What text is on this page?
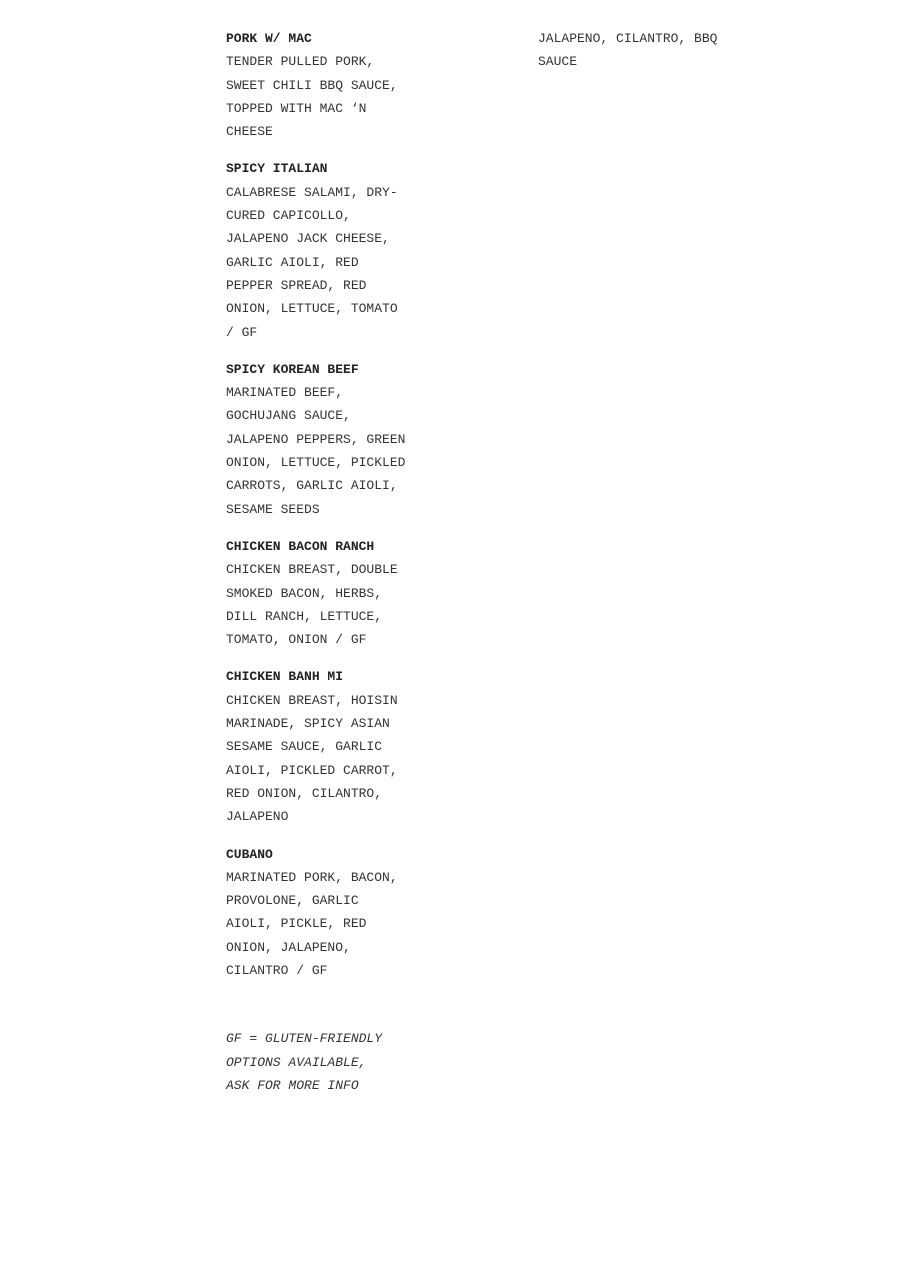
PORK W/ MAC
TENDER PULLED PORK,
SWEET CHILI BBQ SAUCE,
TOPPED WITH MAC ‘N
CHEESE
SPICY ITALIAN
CALABRESE SALAMI, DRY-
CURED CAPICOLLO,
JALAPENO JACK CHEESE,
GARLIC AIOLI, RED
PEPPER SPREAD, RED
ONION, LETTUCE, TOMATO
/ GF
SPICY KOREAN BEEF
MARINATED BEEF,
GOCHUJANG SAUCE,
JALAPENO PEPPERS, GREEN
ONION, LETTUCE, PICKLED
CARROTS, GARLIC AIOLI,
SESAME SEEDS
CHICKEN BACON RANCH
CHICKEN BREAST, DOUBLE
SMOKED BACON, HERBS,
DILL RANCH, LETTUCE,
TOMATO, ONION / GF
CHICKEN BANH MI
CHICKEN BREAST, HOISIN
MARINADE, SPICY ASIAN
SESAME SAUCE, GARLIC
AIOLI, PICKLED CARROT,
RED ONION, CILANTRO,
JALAPENO
CUBANO
MARINATED PORK, BACON,
PROVOLONE, GARLIC
AIOLI, PICKLE, RED
ONION, JALAPENO,
CILANTRO / GF
GF = GLUTEN-FRIENDLY
OPTIONS AVAILABLE,
ASK FOR MORE INFO
JALAPENO, CILANTRO, BBQ
SAUCE
